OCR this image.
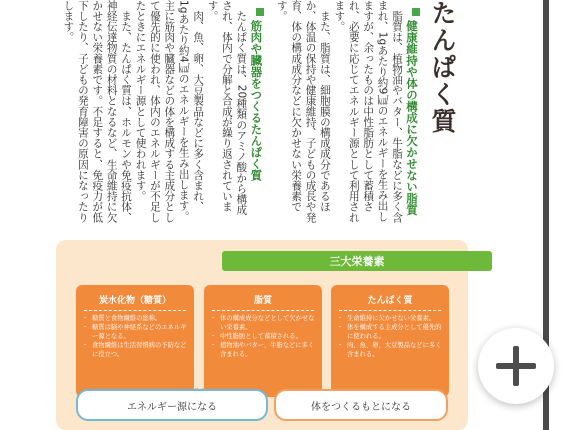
たんぱく質
健康維持や体の構成に欠かせない脂質
　脂質は、植物油やバター、牛脂などに多く含まれ、1gあたり約9㎉のエネルギーを生み出しますが、余ったものは中性脂肪として蓄積され、必要に応じてエネルギー源として利用されます。
　また、脂質は、細胞膜の構成成分であるほか、体温の保持や健康維持、子どもの成長や発育、体の構成成分などに欠かせない栄養素です。
筋肉や臓器をつくるたんぱく質
　たんぱく質は、20種類のアミノ酸から構成され、体内で分解と合成が繰り返されています。
　肉、魚、卵、大豆製品などに多く含まれ、1gあたり約4㎉のエネルギーを生み出します。主に筋肉や臓器などの体を構成する主成分として優先的に使われ、体内のエネルギーが不足したときにエネルギー源として使われます。
　また、たんぱく質は、ホルモンや免疫抗体、神経伝達物質の材料となるなど、生命維持に欠かせない栄養素です。不足すると、免疫力が低下したり、子どもの発育障害の原因になったりします。
三大栄養素
炭水化物（糖質）
・ 糖質と食物繊維の総称。
・ 糖質は脳や神経系などのエネルギー源となる。
・ 食物繊維は生活習慣病の予防などに役立つ。
脂質
・ 体の構成成分などとして欠かせない栄養素。
・ 中性脂肪として蓄積される。
・ 植物油やバター、牛脂などに多く含まれる。
たんぱく質
・ 生命維持に欠かせない栄養素。
・ 体を構成する主成分として優先的に使われる。
・ 肉、魚、卵、大豆製品などに多く含まれる。
エネルギー源になる	体をつくるもとになる
